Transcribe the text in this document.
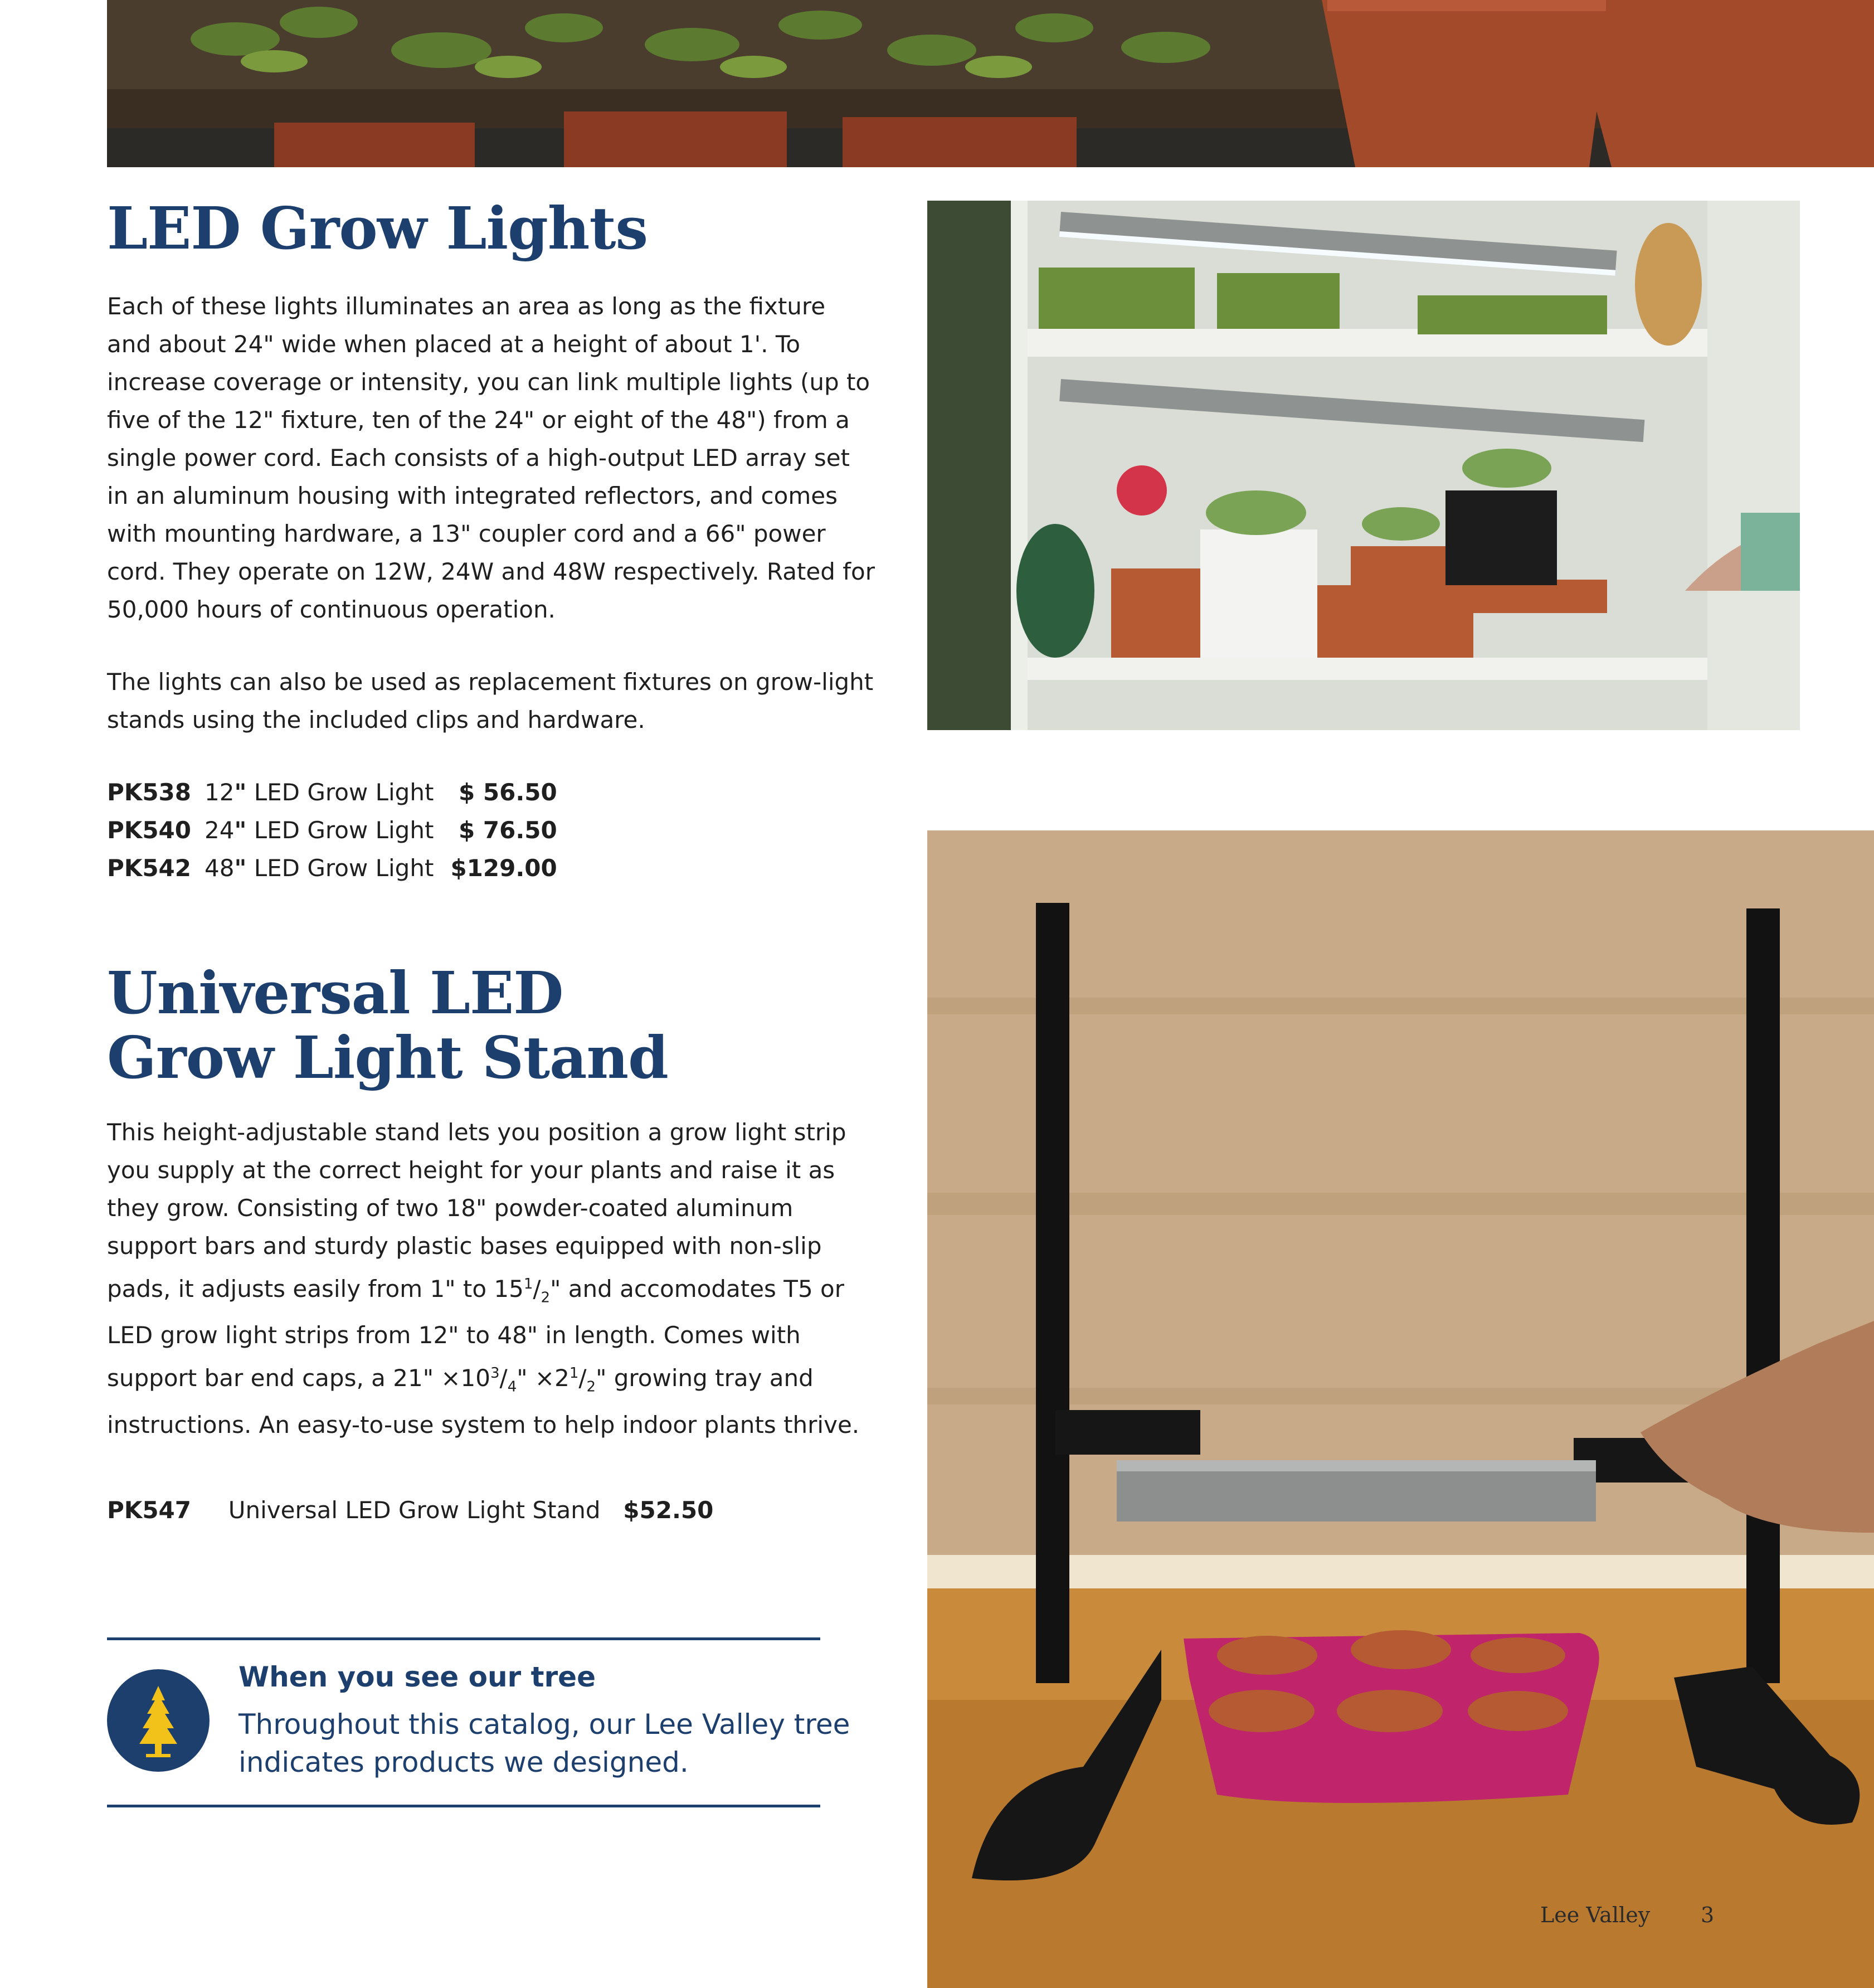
LED Grow Lights

Each of these lights illuminates an area as long as the fixture and about 24" wide when placed at a height of about 1'. To increase coverage or intensity, you can link multiple lights (up to five of the 12" fixture, ten of the 24" or eight of the 48") from a single power cord. Each consists of a high-output LED array set in an aluminum housing with integrated reflectors, and comes with mounting hardware, a 13" coupler cord and a 66" power cord. They operate on 12W, 24W and 48W respectively. Rated for 50,000 hours of continuous operation.

The lights can also be used as replacement fixtures on grow-light stands using the included clips and hardware.

PK538	12" LED Grow Light	$ 56.50
PK540	24" LED Grow Light	$ 76.50
PK542	48" LED Grow Light	$129.00
Universal LED
Grow Light Stand

This height-adjustable stand lets you position a grow light strip you supply at the correct height for your plants and raise it as they grow. Consisting of two 18" powder-coated aluminum support bars and sturdy plastic bases equipped with non-slip pads, it adjusts easily from 1" to $15^1/_2$" and accomodates T5 or LED grow light strips from 12" to 48" in length. Comes with support bar end caps, a 21" $\times 10^3/_4$" $\times 2^1/_2$" growing tray and instructions. An easy-to-use system to help indoor plants thrive.

PK547 Universal LED Grow Light Stand $52.50
When you see our tree
Throughout this catalog, our Lee Valley tree indicates products we designed.
Lee Valley 3
